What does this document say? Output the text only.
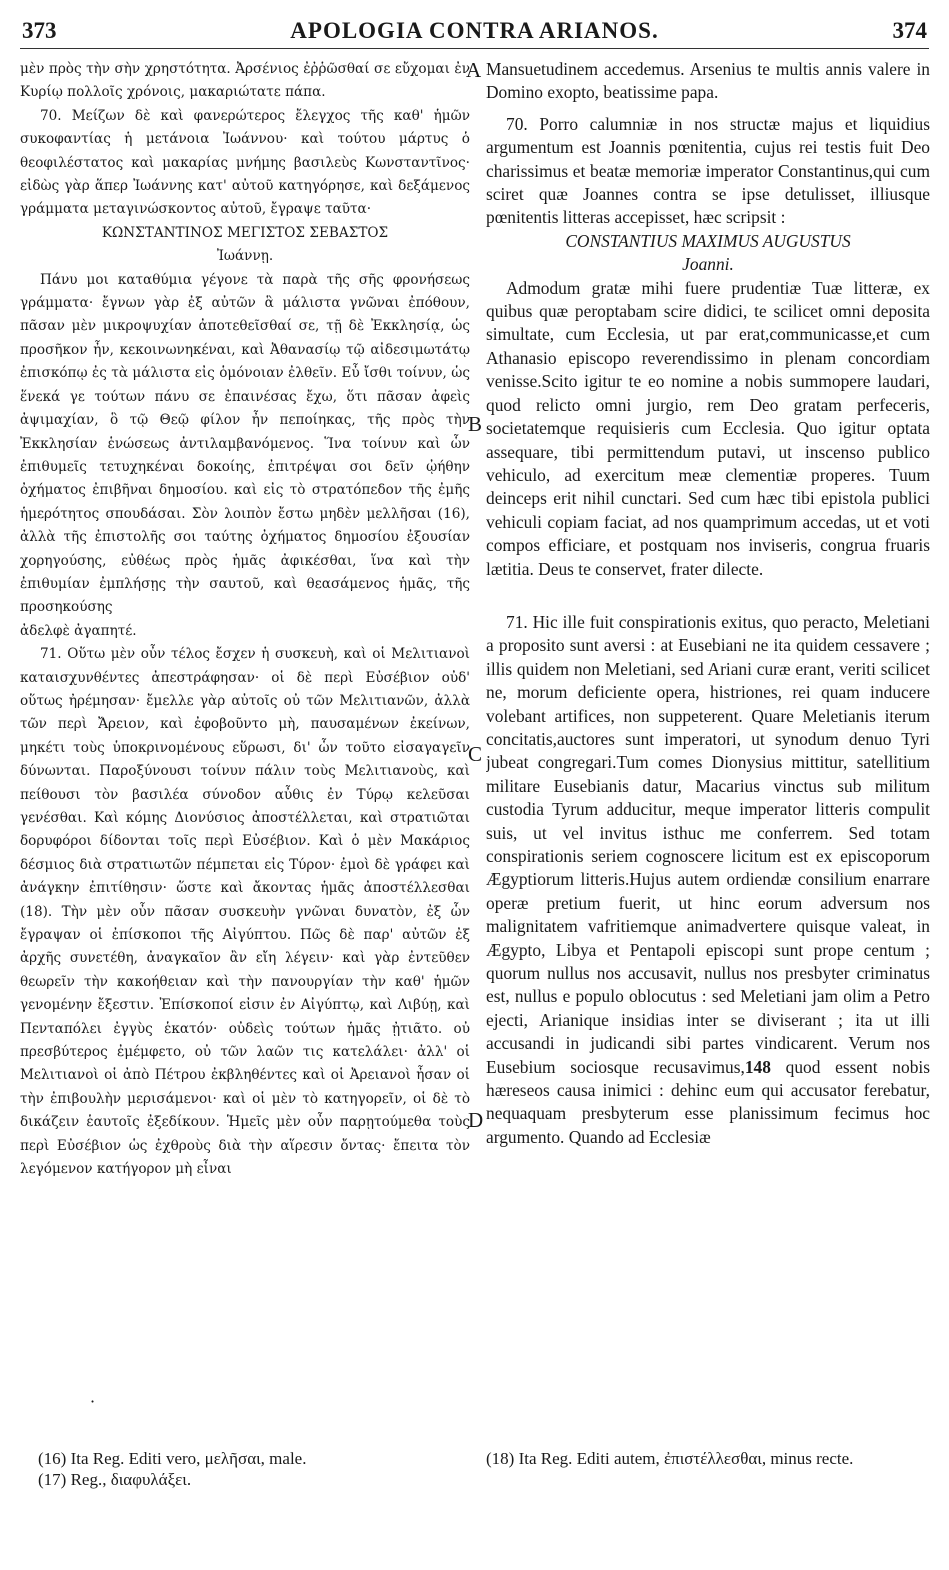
373	APOLOGIA CONTRA ARIANOS.	374

μὲν πρὸς τὴν σὴν χρηστότητα. Ἀρσένιος ἐῤῥῶσθαί σε εὔχομαι ἐν Κυρίῳ πολλοῖς χρόνοις, μακαριώτατε πάπα.

70. Μείζων δὲ καὶ φανερώτερος ἔλεγχος τῆς καθ' ἡμῶν συκοφαντίας ἡ μετάνοια Ἰωάννου· καὶ τούτου μάρτυς ὁ θεοφιλέστατος καὶ μακαρίας μνήμης βασιλεὺς Κωνσταντῖνος· εἰδὼς γὰρ ἅπερ Ἰωάννης κατ' αὐτοῦ κατηγόρησε, καὶ δεξάμενος γράμματα μεταγινώσκοντος αὐτοῦ, ἔγραψε ταῦτα·

ΚΩΝΣΤΑΝΤΙΝΟΣ ΜΕΓΙΣΤΟΣ ΣΕΒΑΣΤΟΣ

Ἰωάννῃ.

Πάνυ μοι καταθύμια γέγονε τὰ παρὰ τῆς σῆς φρονήσεως γράμματα· ἔγνων γὰρ ἐξ αὐτῶν ἃ μάλιστα γνῶναι ἐπόθουν, πᾶσαν μὲν μικροψυχίαν ἀποτεθεῖσθαί σε, τῇ δὲ Ἐκκλησίᾳ, ὡς προσῆκον ἦν, κεκοινωνηκέναι, καὶ Ἀθανασίῳ τῷ αἰδεσιμωτάτῳ ἐπισκόπῳ ἐς τὰ μάλιστα εἰς ὁμόνοιαν ἐλθεῖν. Εὖ ἴσθι τοίνυν, ὡς ἕνεκά γε τούτων πάνυ σε ἐπαινέσας ἔχω, ὅτι πᾶσαν ἀφεὶς ἀψιμαχίαν, ὃ τῷ Θεῷ φίλον ἦν πεποίηκας, τῆς πρὸς τὴν Ἐκκλησίαν ἑνώσεως ἀντιλαμβανόμενος. Ἵνα τοίνυν καὶ ὧν ἐπιθυμεῖς τετυχηκέναι δοκοίης, ἐπιτρέψαι σοι δεῖν ᾠήθην ὀχήματος ἐπιβῆναι δημοσίου. καὶ εἰς τὸ στρατόπεδον τῆς ἐμῆς ἡμερότητος σπουδάσαι. Σὸν λοιπὸν ἔστω μηδὲν μελλῆσαι (16), ἀλλὰ τῆς ἐπιστολῆς σοι ταύτης ὀχήματος δημοσίου ἐξουσίαν χορηγούσης, εὐθέως πρὸς ἡμᾶς ἀφικέσθαι, ἵνα καὶ τὴν ἐπιθυμίαν ἐμπλήσῃς τὴν σαυτοῦ, καὶ θεασάμενος ἡμᾶς, τῆς προσηκούσης

ἀδελφὲ ἀγαπητέ.

71. Οὕτω μὲν οὖν τέλος ἔσχεν ἡ συσκευὴ, καὶ οἱ Μελιτιανοὶ καταισχυνθέντες ἀπεστράφησαν· οἱ δὲ περὶ Εὐσέβιον οὐδ' οὕτως ἠρέμησαν· ἔμελλε γὰρ αὐτοῖς οὐ τῶν Μελιτιανῶν, ἀλλὰ τῶν περὶ Ἄρειον, καὶ ἐφοβοῦντο μὴ, παυσαμένων ἐκείνων, μηκέτι τοὺς ὑποκρινομένους εὕρωσι, δι' ὧν τοῦτο εἰσαγαγεῖν δύνωνται. Παροξύνουσι τοίνυν πάλιν τοὺς Μελιτιανοὺς, καὶ πείθουσι τὸν βασιλέα σύνοδον αὖθις ἐν Τύρῳ κελεῦσαι γενέσθαι. Καὶ κόμης Διονύσιος ἀποστέλλεται, καὶ στρατιῶται δορυφόροι δίδονται τοῖς περὶ Εὐσέβιον. Καὶ ὁ μὲν Μακάριος δέσμιος διὰ στρατιωτῶν πέμπεται εἰς Τύρον· ἐμοὶ δὲ γράφει καὶ ἀνάγκην ἐπιτίθησιν· ὥστε καὶ ἄκοντας ἡμᾶς ἀποστέλλεσθαι (18). Τὴν μὲν οὖν πᾶσαν συσκευὴν γνῶναι δυνατὸν, ἐξ ὧν ἔγραψαν οἱ ἐπίσκοποι τῆς Αἰγύπτου. Πῶς δὲ παρ' αὐτῶν ἐξ ἀρχῆς συνετέθη, ἀναγκαῖον ἂν εἴη λέγειν· καὶ γὰρ ἐντεῦθεν θεωρεῖν τὴν κακοήθειαν καὶ τὴν πανουργίαν τὴν καθ' ἡμῶν γενομένην ἔξεστιν. Ἐπίσκοποί εἰσιν ἐν Αἰγύπτῳ, καὶ Λιβύῃ, καὶ Πενταπόλει ἐγγὺς ἑκατόν· οὐδεὶς τούτων ἡμᾶς ᾐτιᾶτο. οὐ πρεσβύτερος ἐμέμφετο, οὐ τῶν λαῶν τις κατελάλει· ἀλλ' οἱ Μελιτιανοὶ οἱ ἀπὸ Πέτρου ἐκβληθέντες καὶ οἱ Ἀρειανοὶ ἦσαν οἱ τὴν ἐπιβουλὴν μερισάμενοι· καὶ οἱ μὲν τὸ κατηγορεῖν, οἱ δὲ τὸ δικάζειν ἑαυτοῖς ἐξεδίκουν. Ἡμεῖς μὲν οὖν παρῃτούμεθα τοὺς περὶ Εὐσέβιον ὡς ἐχθροὺς διὰ τὴν αἵρεσιν ὄντας· ἔπειτα τὸν λεγόμενον κατήγορον μὴ εἶναι

Mansuetudinem accedemus. Arsenius te multis annis valere in Domino exopto, beatissime papa.

70. Porro calumniæ in nos structæ majus et liquidius argumentum est Joannis pœnitentia, cujus rei testis fuit Deo charissimus et beatæ memoriæ imperator Constantinus,qui cum sciret quæ Joannes contra se ipse detulisset, illiusque pœnitentis litteras accepisset, hæc scripsit :

CONSTANTIUS MAXIMUS AUGUSTUS

Joanni.

Admodum gratæ mihi fuere prudentiæ Tuæ litteræ, ex quibus quæ peroptabam scire didici, te scilicet omni deposita simultate, cum Ecclesia, ut par erat,communicasse,et cum Athanasio episcopo reverendissimo in plenam concordiam venisse.Scito igitur te eo nomine a nobis summopere laudari, quod relicto omni jurgio, rem Deo gratam perfeceris, societatemque requisieris cum Ecclesia. Quo igitur optata assequare, tibi permittendum putavi, ut inscenso publico vehiculo, ad exercitum meæ clementiæ properes. Tuum deinceps erit nihil cunctari. Sed cum hæc tibi epistola publici vehiculi copiam faciat, ad nos quamprimum accedas, ut et voti compos efficiare, et postquam nos inviseris, congrua fruaris lætitia. Deus te conservet, frater dilecte.

71. Hic ille fuit conspirationis exitus, quo peracto, Meletiani a proposito sunt aversi : at Eusebiani ne ita quidem cessavere ; illis quidem non Meletiani, sed Ariani curæ erant, veriti scilicet ne, morum deficiente opera, histriones, rei quam inducere volebant artifices, non suppeterent. Quare Meletianis iterum concitatis,auctores sunt imperatori, ut synodum denuo Tyri jubeat congregari.Tum comes Dionysius mittitur, satellitium militare Eusebianis datur, Macarius vinctus sub militum custodia Tyrum adducitur, meque imperator litteris compulit suis, ut vel invitus isthuc me conferrem. Sed totam conspirationis seriem cognoscere licitum est ex episcoporum Ægyptiorum litteris.Hujus autem ordiendæ consilium enarrare operæ pretium fuerit, ut hinc eorum adversum nos malignitatem vafritiemque animadvertere quisque valeat, in Ægypto, Libya et Pentapoli episcopi sunt prope centum ; quorum nullus nos accusavit, nullus nos presbyter criminatus est, nullus e populo oblocutus : sed Meletiani jam olim a Petro ejecti, Arianique insidias inter se diviserant ; ita ut illi accusandi in judicandi sibi partes vindicarent. Verum nos Eusebium sociosque recusavimus,148 quod essent nobis hæreseos causa inimici : dehinc eum qui accusator ferebatur, nequaquam presbyterum esse planissimum fecimus hoc argumento. Quando ad Ecclesiæ

A
B
C
D
·

(16) Ita Reg. Editi vero, μελῆσαι, male.

(17) Reg., διαφυλάξει.

(18) Ita Reg. Editi autem, ἐπιστέλλεσθαι, minus recte.
